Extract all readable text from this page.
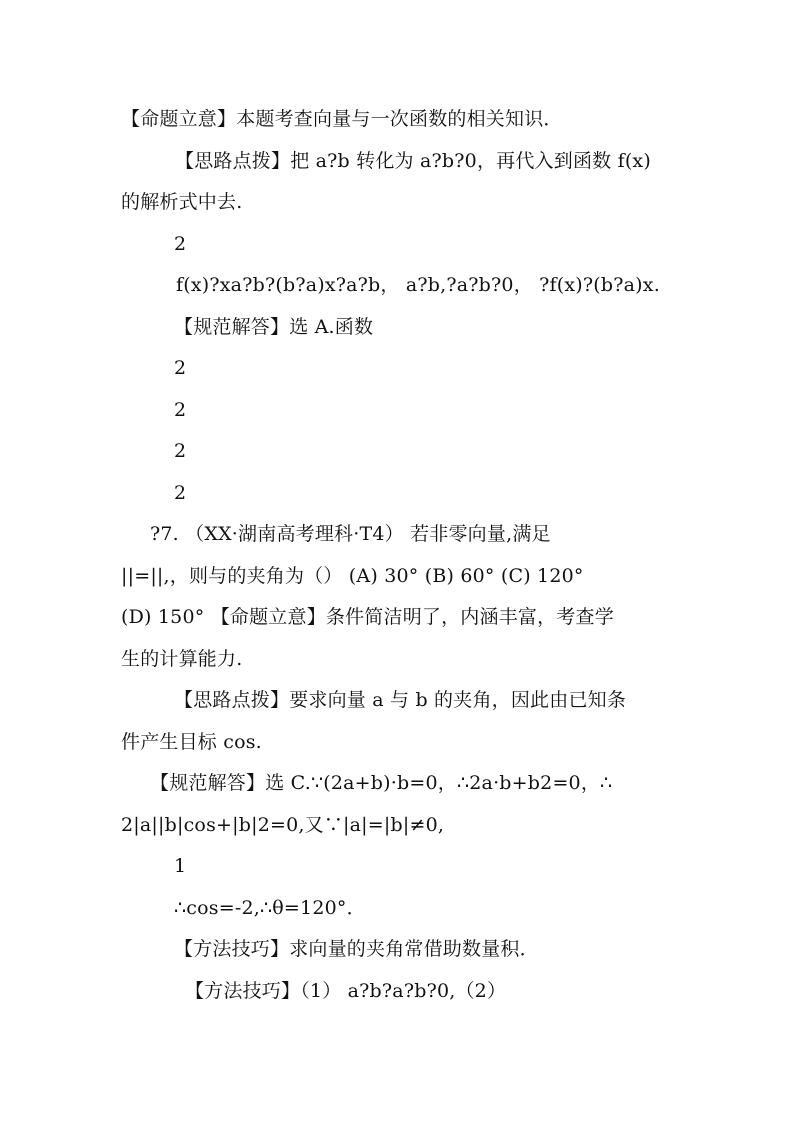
【命题立意】本题考查向量与一次函数的相关知识．
【思路点拨】把 a?b 转化为 a?b?0，再代入到函数 f(x)
的解析式中去.
2
f(x)?xa?b?(b?a)x?a?b， a?b,?a?b?0， ?f(x)?(b?a)x.
【规范解答】选 A.函数
2
2
2
2
?7. （XX·湖南高考理科·T4） 若非零向量,满足
||=||,，则与的夹角为（） (A) 30° (B) 60° (C) 120°
(D) 150° 【命题立意】条件简洁明了，内涵丰富，考查学
生的计算能力.
【思路点拨】要求向量 a 与 b 的夹角，因此由已知条
件产生目标 cos.
【规范解答】选 C.∵(2a+b)·b=0，∴2a·b+b2=0，∴
2|a||b|cos+|b|2=0,又∵|a|=|b|≠0,
1
∴cos=-2,∴θ=120°．
【方法技巧】求向量的夹角常借助数量积．
【方法技巧】（1） a?b?a?b?0,（2）
